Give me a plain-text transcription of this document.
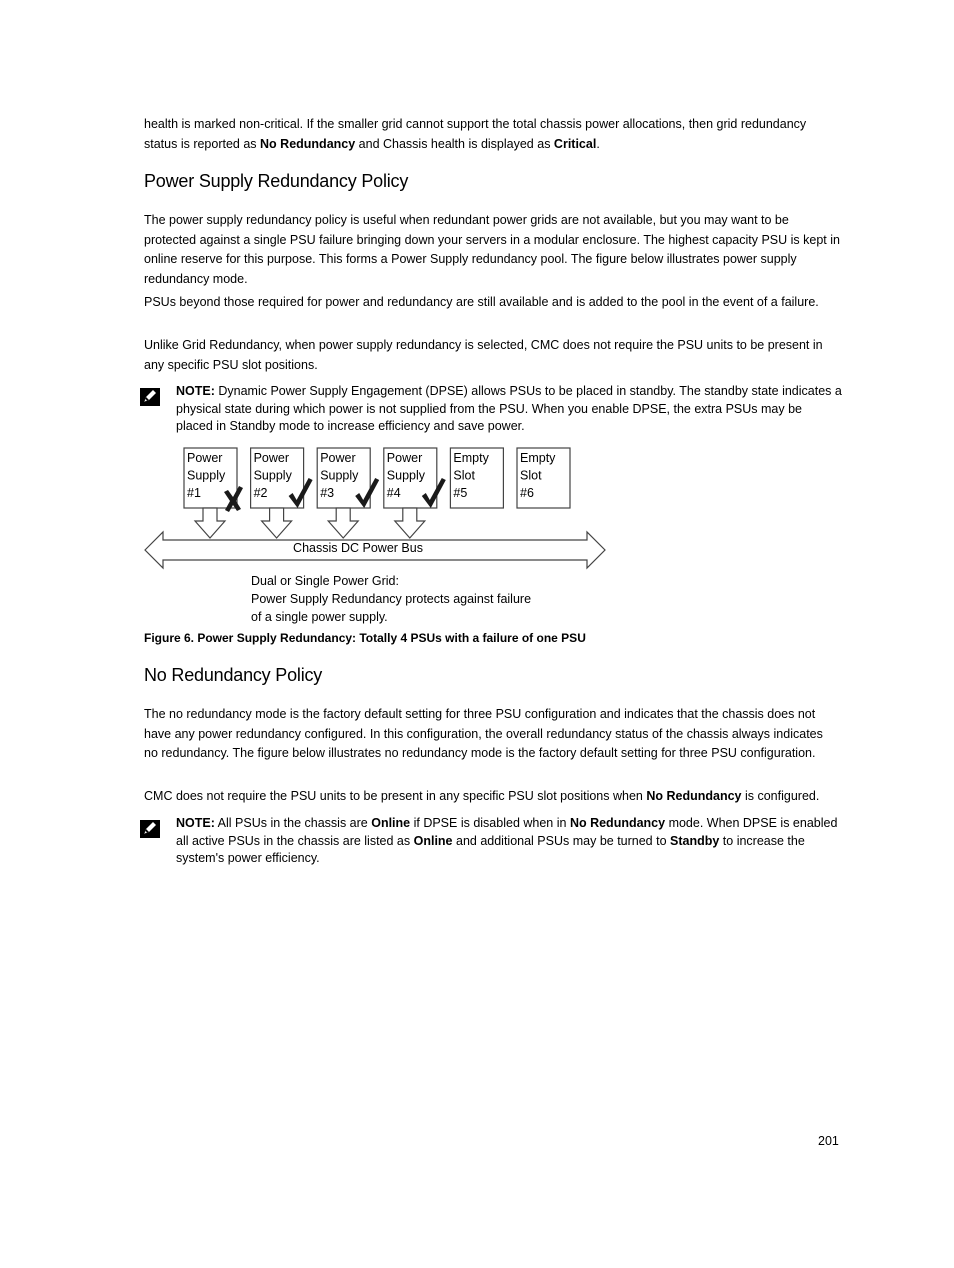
health is marked non-critical. If the smaller grid cannot support the total chassis power allocations, then grid redundancy status is reported as No Redundancy and Chassis health is displayed as Critical.

Power Supply Redundancy Policy

The power supply redundancy policy is useful when redundant power grids are not available, but you may want to be protected against a single PSU failure bringing down your servers in a modular enclosure. The highest capacity PSU is kept in online reserve for this purpose. This forms a Power Supply redundancy pool. The figure below illustrates power supply redundancy mode.

PSUs beyond those required for power and redundancy are still available and is added to the pool in the event of a failure.

Unlike Grid Redundancy, when power supply redundancy is selected, CMC does not require the PSU units to be present in any specific PSU slot positions.

NOTE: Dynamic Power Supply Engagement (DPSE) allows PSUs to be placed in standby. The standby state indicates a physical state during which power is not supplied from the PSU. When you enable DPSE, the extra PSUs may be placed in Standby mode to increase efficiency and save power.

Power
Supply
#1
Power
Supply
#2
Power
Supply
#3
Power
Supply
#4
Empty
Slot
#5
Empty
Slot
#6
Chassis DC Power Bus
Dual or Single Power Grid:
Power Supply Redundancy protects against failure
of a single power supply.

Figure 6. Power Supply Redundancy: Totally 4 PSUs with a failure of one PSU

No Redundancy Policy

The no redundancy mode is the factory default setting for three PSU configuration and indicates that the chassis does not have any power redundancy configured. In this configuration, the overall redundancy status of the chassis always indicates no redundancy. The figure below illustrates no redundancy mode is the factory default setting for three PSU configuration.

CMC does not require the PSU units to be present in any specific PSU slot positions when No Redundancy is configured.

NOTE: All PSUs in the chassis are Online if DPSE is disabled when in No Redundancy mode. When DPSE is enabled all active PSUs in the chassis are listed as Online and additional PSUs may be turned to Standby to increase the system's power efficiency.

201
